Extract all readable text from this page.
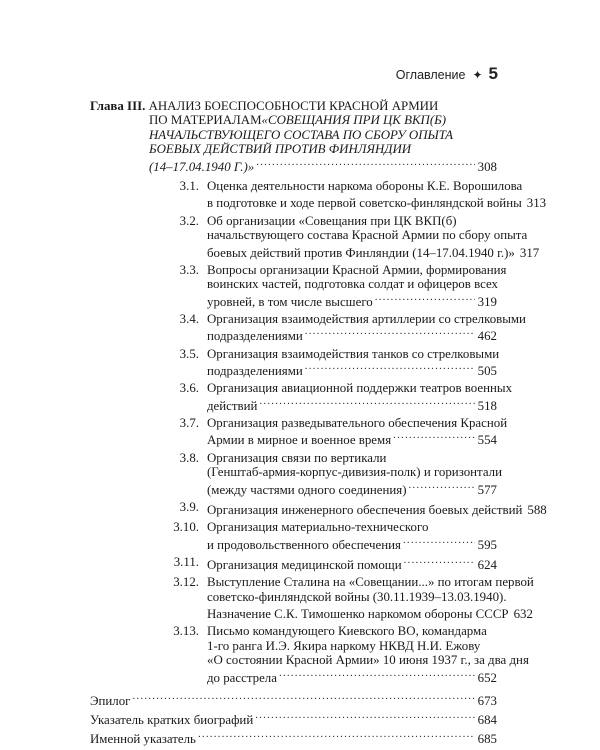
Оглавление ✦ 5
Глава III. АНАЛИЗ БОЕСПОСОБНОСТИ КРАСНОЙ АРМИИ
ПО МАТЕРИАЛАМ «СОВЕЩАНИЯ ПРИ ЦК ВКП(Б)
НАЧАЛЬСТВУЮЩЕГО СОСТАВА ПО СБОРУ ОПЫТА
БОЕВЫХ ДЕЙСТВИЙ ПРОТИВ ФИНЛЯНДИИ
(14–17.04.1940 Г.)» .....	308
3.1. Оценка деятельности наркома обороны К.Е. Ворошилова
в подготовке и ходе первой советско-финляндской войны 313
3.2. Об организации «Совещания при ЦК ВКП(б)
начальствующего состава Красной Армии по сбору опыта
боевых действий против Финляндии (14–17.04.1940 г.)» 317
3.3. Вопросы организации Красной Армии, формирования
воинских частей, подготовка солдат и офицеров всех
уровней, в том числе высшего .....	319
3.4. Организация взаимодействия артиллерии со стрелковыми
подразделениями .....	462
3.5. Организация взаимодействия танков со стрелковыми
подразделениями .....	505
3.6. Организация авиационной поддержки театров военных
действий .....	518
3.7. Организация разведывательного обеспечения Красной
Армии в мирное и военное время .....	554
3.8. Организация связи по вертикали
(Генштаб-армия-корпус-дивизия-полк) и горизонтали
(между частями одного соединения) .....	577
3.9. Организация инженерного обеспечения боевых действий 588
3.10. Организация материально-технического
и продовольственного обеспечения .....	595
3.11. Организация медицинской помощи .....	624
3.12. Выступление Сталина на «Совещании...» по итогам первой
советско-финляндской войны (30.11.1939–13.03.1940).
Назначение С.К. Тимошенко наркомом обороны СССР 632
3.13. Письмо командующего Киевского ВО, командарма
1-го ранга И.Э. Якира наркому НКВД Н.И. Ежову
«О состоянии Красной Армии» 10 июня 1937 г., за два дня
до расстрела .....	652
Эпилог .....	673
Указатель кратких биографий .....	684
Именной указатель .....	685
